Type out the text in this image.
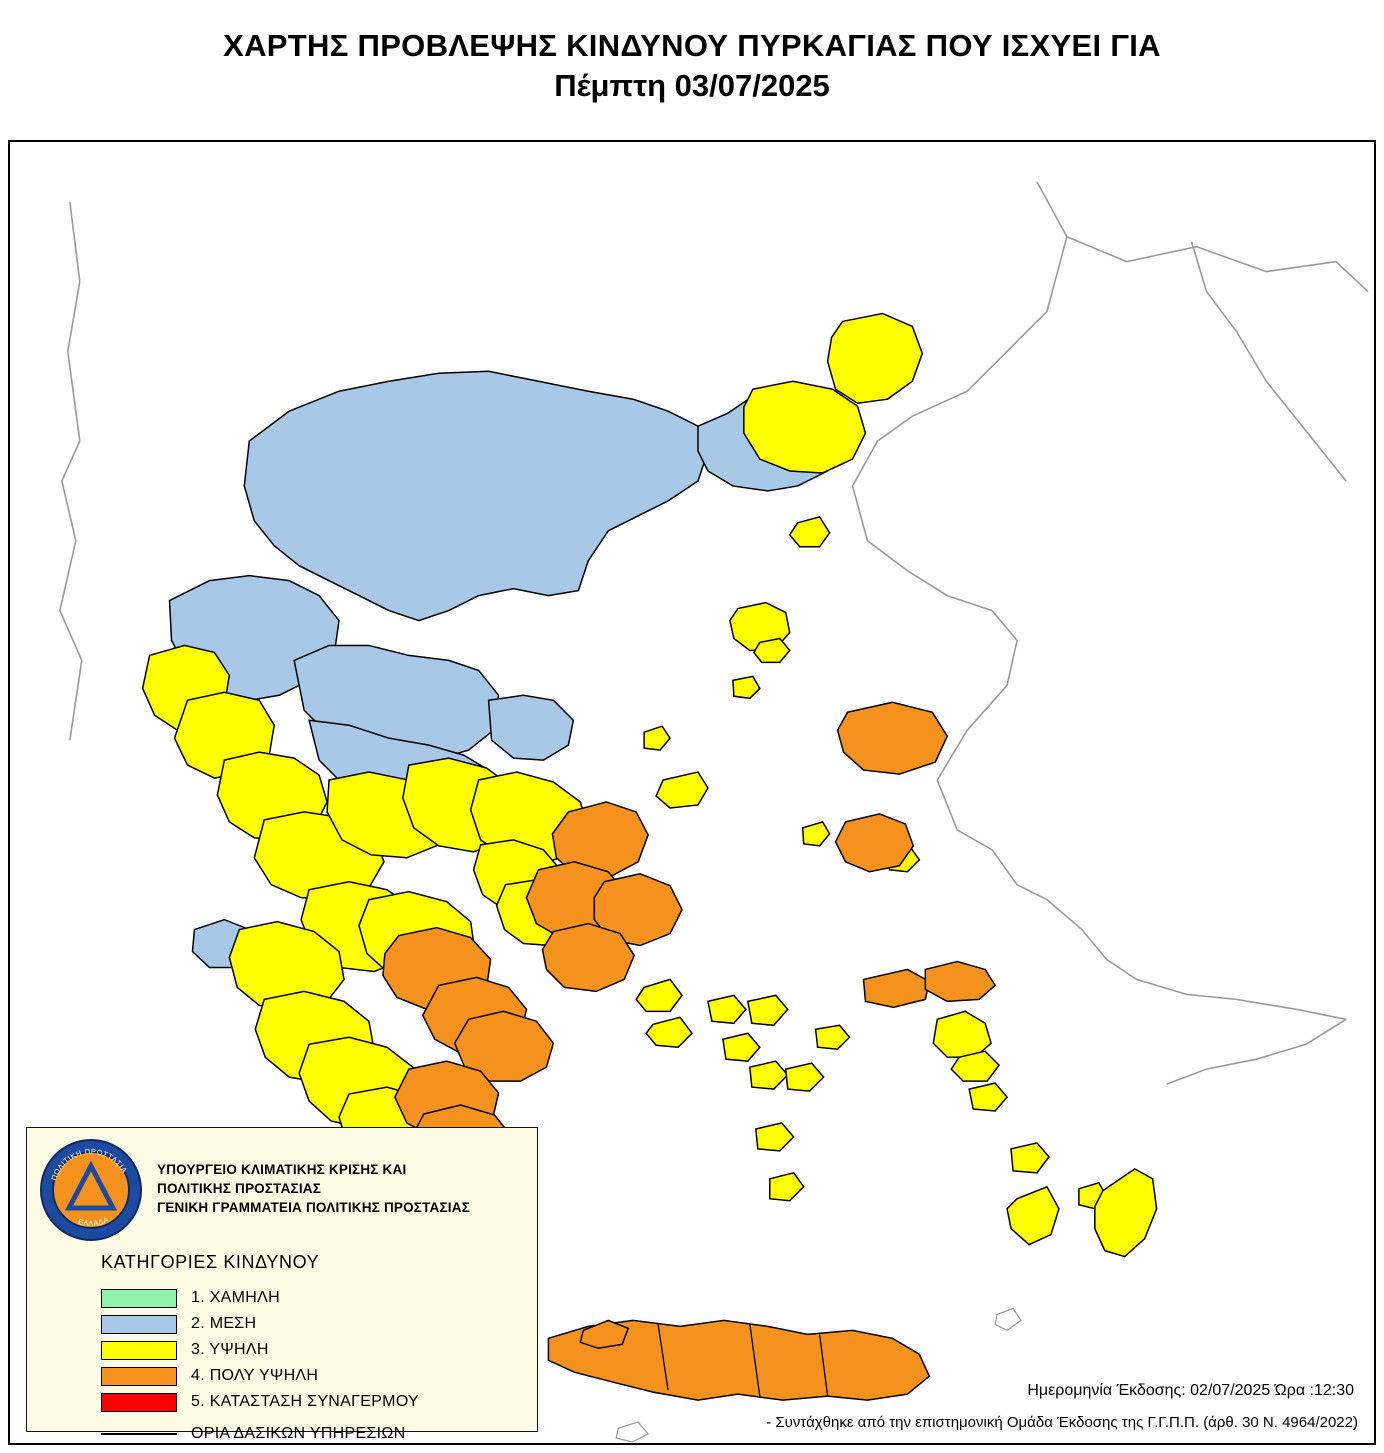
ΧΑΡΤΗΣ ΠΡΟΒΛΕΨΗΣ ΚΙΝΔΥΝΟΥ ΠΥΡΚΑΓΙΑΣ ΠΟΥ ΙΣΧΥΕΙ ΓΙΑ
Πέμπτη 03/07/2025
ΠΟΛΙΤΙΚΗ ΠΡΟΣΤΑΣΙΑ
ΕΛΛΑΔΑ
ΥΠΟΥΡΓΕΙΟ ΚΛΙΜΑΤΙΚΗΣ ΚΡΙΣΗΣ ΚΑΙ
ΠΟΛΙΤΙΚΗΣ ΠΡΟΣΤΑΣΙΑΣ
ΓΕΝΙΚΗ ΓΡΑΜΜΑΤΕΙΑ ΠΟΛΙΤΙΚΗΣ ΠΡΟΣΤΑΣΙΑΣ
ΚΑΤΗΓΟΡΙΕΣ ΚΙΝΔΥΝΟΥ
1. ΧΑΜΗΛΗ
2. ΜΕΣΗ
3. ΥΨΗΛΗ
4. ΠΟΛΥ ΥΨΗΛΗ
5. ΚΑΤΑΣΤΑΣΗ ΣΥΝΑΓΕΡΜΟΥ
ΟΡΙΑ ΔΑΣΙΚΩΝ ΥΠΗΡΕΣΙΩΝ
Ημερομηνία Έκδοσης: 02/07/2025 Ώρα :12:30
- Συντάχθηκε από την επιστημονική Ομάδα Έκδοσης της Γ.Γ.Π.Π. (άρθ. 30 Ν. 4964/2022)
